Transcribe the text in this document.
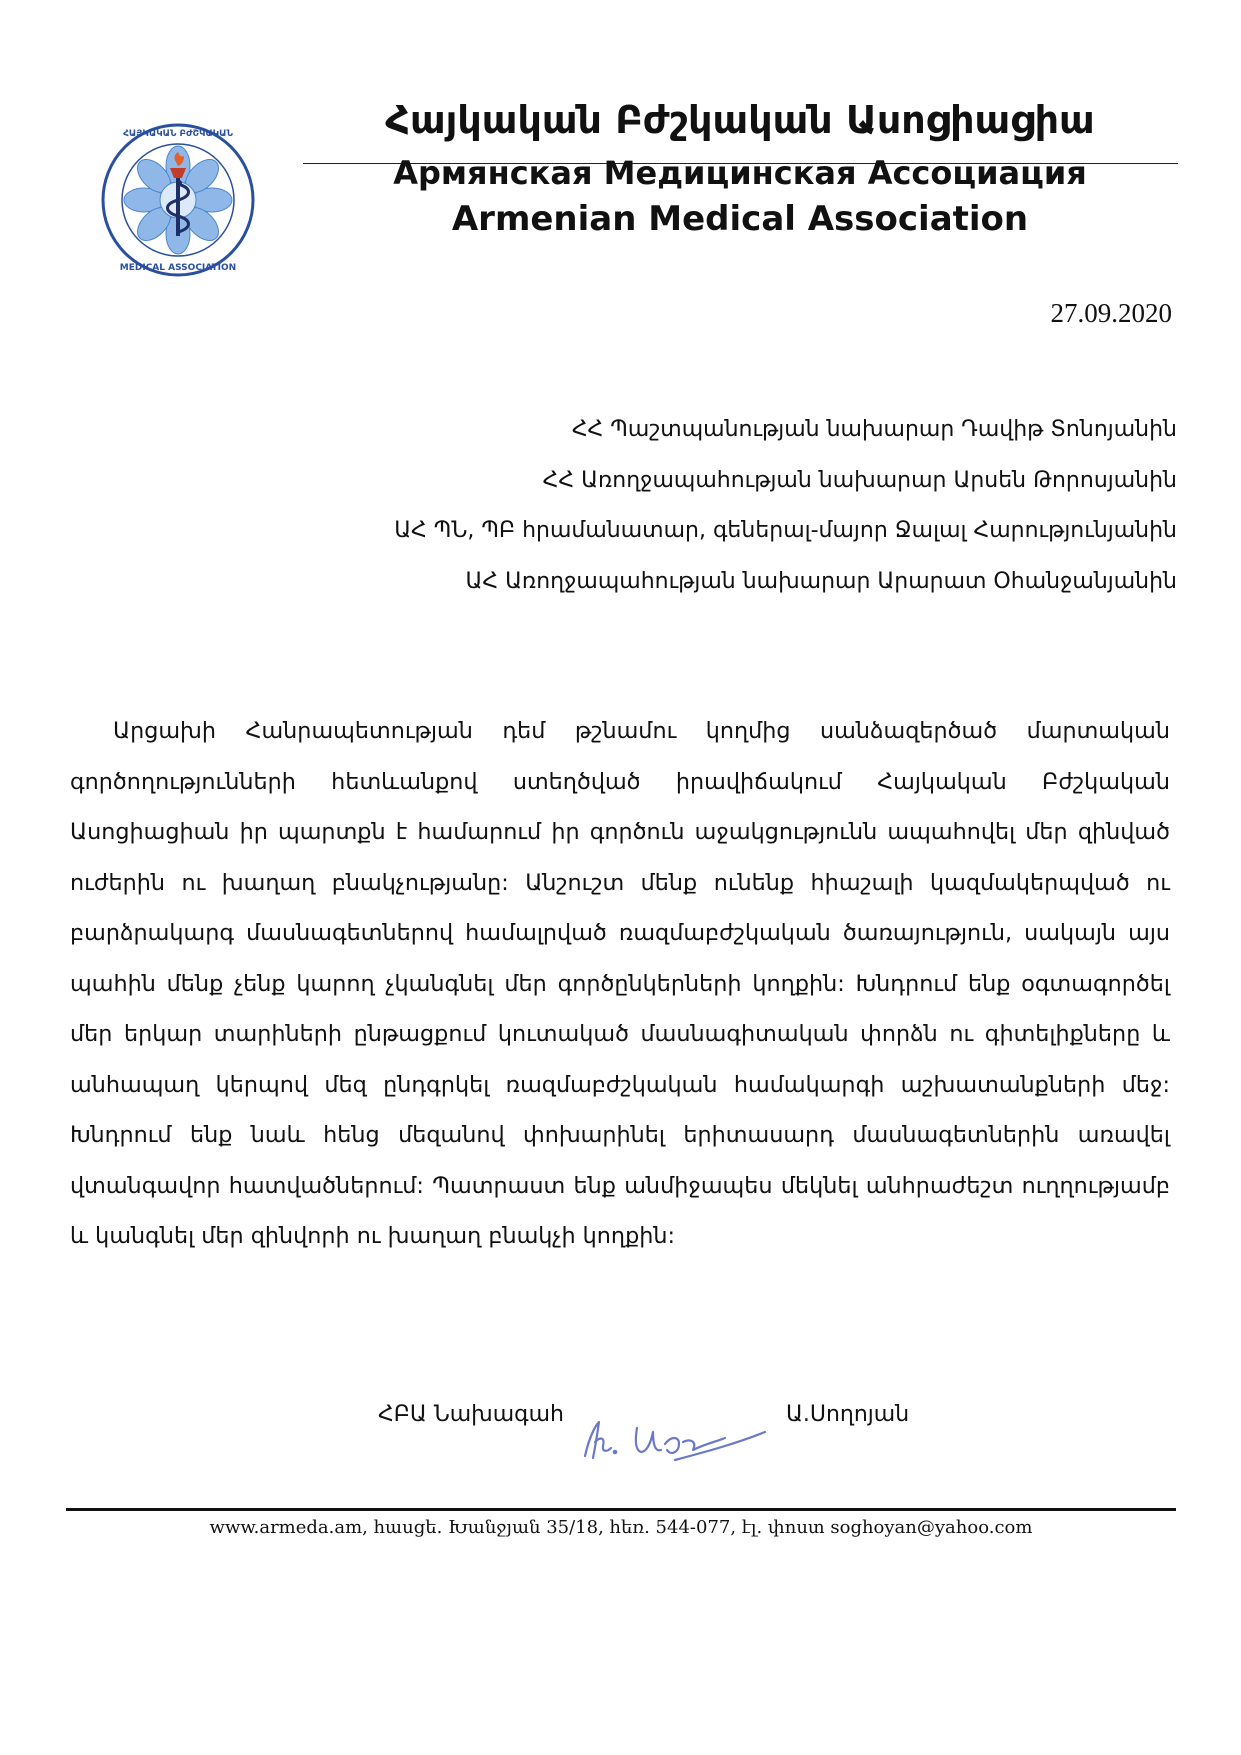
ՀԱՅԿԱԿԱՆ ԲԺՇԿԱԿԱՆ
MEDICAL ASSOCIATION
Հայկական Բժշկական Ասոցիացիա
Армянская Медицинская Ассоциация
Armenian Medical Association
27.09.2020
ՀՀ Պաշտպանության նախարար Դավիթ Տոնոյանին
ՀՀ Առողջապահության նախարար Արսեն Թորոսյանին
ԱՀ ՊՆ, ՊԲ հրամանատար, գեներալ-մայոր Ջալալ Հարությունյանին
ԱՀ Առողջապահության նախարար Արարատ Օհանջանյանին

Արցախի Հանրապետության դեմ թշնամու կողմից սանձազերծած մարտական գործողությունների հետևանքով ստեղծված իրավիճակում Հայկական Բժշկական Ասոցիացիան իր պարտքն է համարում իր գործուն աջակցությունն ապահովել մեր զինված ուժերին ու խաղաղ բնակչությանը: Անշուշտ մենք ունենք հիաշալի կազմակերպված ու բարձրակարգ մասնագետներով համալրված ռազմաբժշկական ծառայություն, սակայն այս պահին մենք չենք կարող չկանգնել մեր գործընկերների կողքին: Խնդրում ենք օգտագործել մեր երկար տարիների ընթացքում կուտակած մասնագիտական փորձն ու գիտելիքները և անհապաղ կերպով մեզ ընդգրկել ռազմաբժշկական համակարգի աշխատանքների մեջ: Խնդրում ենք նաև հենց մեզանով փոխարինել երիտասարդ մասնագետներին առավել վտանգավոր հատվածներում: Պատրաստ ենք անմիջապես մեկնել անհրաժեշտ ուղղությամբ և կանգնել մեր զինվորի ու խաղաղ բնակչի կողքին:

ՀԲԱ Նախագահ	Ա.Սողոյան
www.armeda.am, հասցե. Խանջյան 35/18, հեռ. 544-077, էլ. փոստ soghoyan@yahoo.com
